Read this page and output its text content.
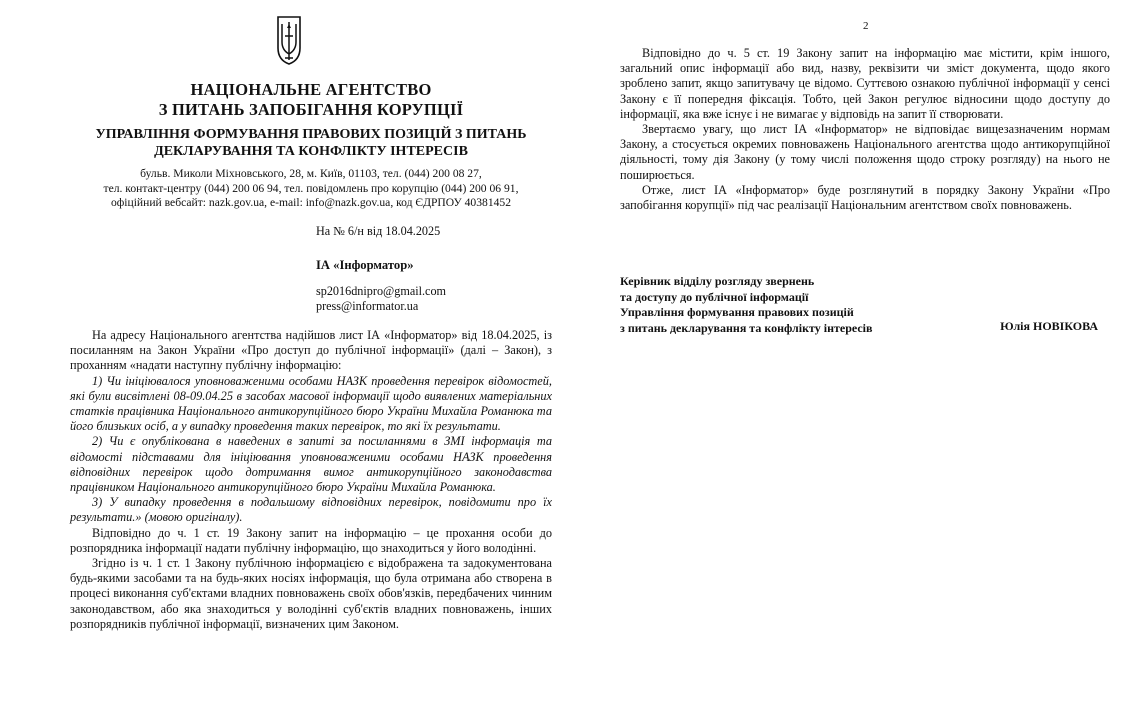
НАЦІОНАЛЬНЕ АГЕНТСТВО
З ПИТАНЬ ЗАПОБІГАННЯ КОРУПЦІЇ
УПРАВЛІННЯ ФОРМУВАННЯ ПРАВОВИХ ПОЗИЦІЙ З ПИТАНЬ
ДЕКЛАРУВАННЯ ТА КОНФЛІКТУ ІНТЕРЕСІВ
бульв. Миколи Міхновського, 28, м. Київ, 01103, тел. (044) 200 08 27,
тел. контакт-центру (044) 200 06 94, тел. повідомлень про корупцію (044) 200 06 91,
офіційний вебсайт: nazk.gov.ua, e-mail: info@nazk.gov.ua, код ЄДРПОУ 40381452
На № 6/н від 18.04.2025
ІА «Інформатор»
sp2016dnipro@gmail.com
press@informator.ua

На адресу Національного агентства надійшов лист ІА «Інформатор» від 18.04.2025, із посиланням на Закон України «Про доступ до публічної інформації» (далі – Закон), з проханням «надати наступну публічну інформацію:

1) Чи ініціювалося уповноваженими особами НАЗК проведення перевірок відомостей, які були висвітлені 08-09.04.25 в засобах масової інформації щодо виявлених матеріальних статків працівника Національного антикорупційного бюро України Михайла Романюка та його близьких осіб, а у випадку проведення таких перевірок, то які їх результати.

2) Чи є опублікована в наведених в запиті за посиланнями в ЗМІ інформація та відомості підставами для ініціювання уповноваженими особами НАЗК проведення відповідних перевірок щодо дотримання вимог антикорупційного законодавства працівником Національного антикорупційного бюро України Михайла Романюка.

3) У випадку проведення в подальшому відповідних перевірок, повідомити про їх результати.» (мовою оригіналу).

Відповідно до ч. 1 ст. 19 Закону запит на інформацію – це прохання особи до розпорядника інформації надати публічну інформацію, що знаходиться у його володінні.

Згідно із ч. 1 ст. 1 Закону публічною інформацією є відображена та задокументована будь-якими засобами та на будь-яких носіях інформація, що була отримана або створена в процесі виконання суб'єктами владних повноважень своїх обов'язків, передбачених чинним законодавством, або яка знаходиться у володінні суб'єктів владних повноважень, інших розпорядників публічної інформації, визначених цим Законом.

2

Відповідно до ч. 5 ст. 19 Закону запит на інформацію має містити, крім іншого, загальний опис інформації або вид, назву, реквізити чи зміст документа, щодо якого зроблено запит, якщо запитувачу це відомо. Суттєвою ознакою публічної інформації у сенсі Закону є її попередня фіксація. Тобто, цей Закон регулює відносини щодо доступу до інформації, яка вже існує і не вимагає у відповідь на запит її створювати.

Звертаємо увагу, що лист ІА «Інформатор» не відповідає вищезазначеним нормам Закону, а стосується окремих повноважень Національного агентства щодо антикорупційної діяльності, тому дія Закону (у тому числі положення щодо строку розгляду) на нього не поширюється.

Отже, лист ІА «Інформатор» буде розглянутий в порядку Закону України «Про запобігання корупції» під час реалізації Національним агентством своїх повноважень.

Керівник відділу розгляду звернень
та доступу до публічної інформації
Управління формування правових позицій
з питань декларування та конфлікту інтересів	Юлія НОВІКОВА
